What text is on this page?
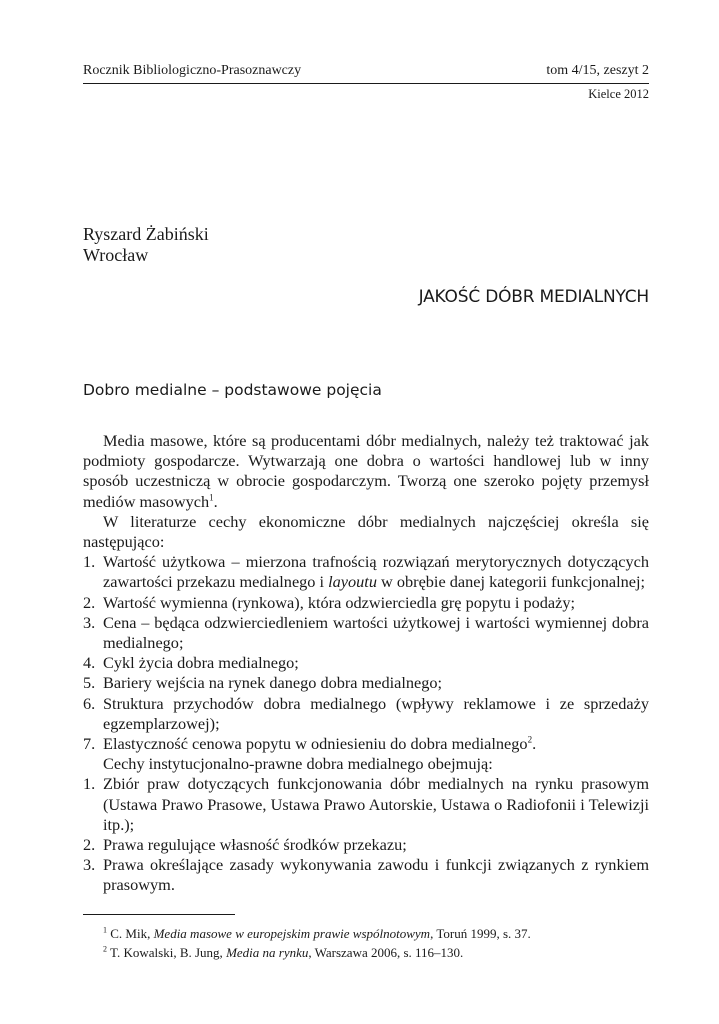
Rocznik Bibliologiczno-Prasoznawczy	tom 4/15, zeszyt 2
Kielce 2012
Ryszard Żabiński
Wrocław
JAKOŚĆ DÓBR MEDIALNYCH
Dobro medialne – podstawowe pojęcia

Media masowe, które są producentami dóbr medialnych, należy też traktować jak podmioty gospodarcze. Wytwarzają one dobra o wartości handlowej lub w inny sposób uczestniczą w obrocie gospodarczym. Tworzą one szeroko pojęty przemysł mediów masowych$^1$.

W literaturze cechy ekonomiczne dóbr medialnych najczęściej określa się następująco:

1. Wartość użytkowa – mierzona trafnością rozwiązań merytorycznych dotyczących zawartości przekazu medialnego i layoutu w obrębie danej kategorii funkcjonalnej;
2. Wartość wymienna (rynkowa), która odzwierciedla grę popytu i podaży;
3. Cena – będąca odzwierciedleniem wartości użytkowej i wartości wymiennej dobra medialnego;
4. Cykl życia dobra medialnego;
5. Bariery wejścia na rynek danego dobra medialnego;
6. Struktura przychodów dobra medialnego (wpływy reklamowe i ze sprzedaży egzemplarzowej);
7. Elastyczność cenowa popytu w odniesieniu do dobra medialnego$^2$.

Cechy instytucjonalno-prawne dobra medialnego obejmują:

1. Zbiór praw dotyczących funkcjonowania dóbr medialnych na rynku prasowym (Ustawa Prawo Prasowe, Ustawa Prawo Autorskie, Ustawa o Radiofonii i Telewizji itp.);
2. Prawa regulujące własność środków przekazu;
3. Prawa określające zasady wykonywania zawodu i funkcji związanych z rynkiem prasowym.
$^1$ C. Mik, Media masowe w europejskim prawie wspólnotowym, Toruń 1999, s. 37.
$^2$ T. Kowalski, B. Jung, Media na rynku, Warszawa 2006, s. 116–130.
